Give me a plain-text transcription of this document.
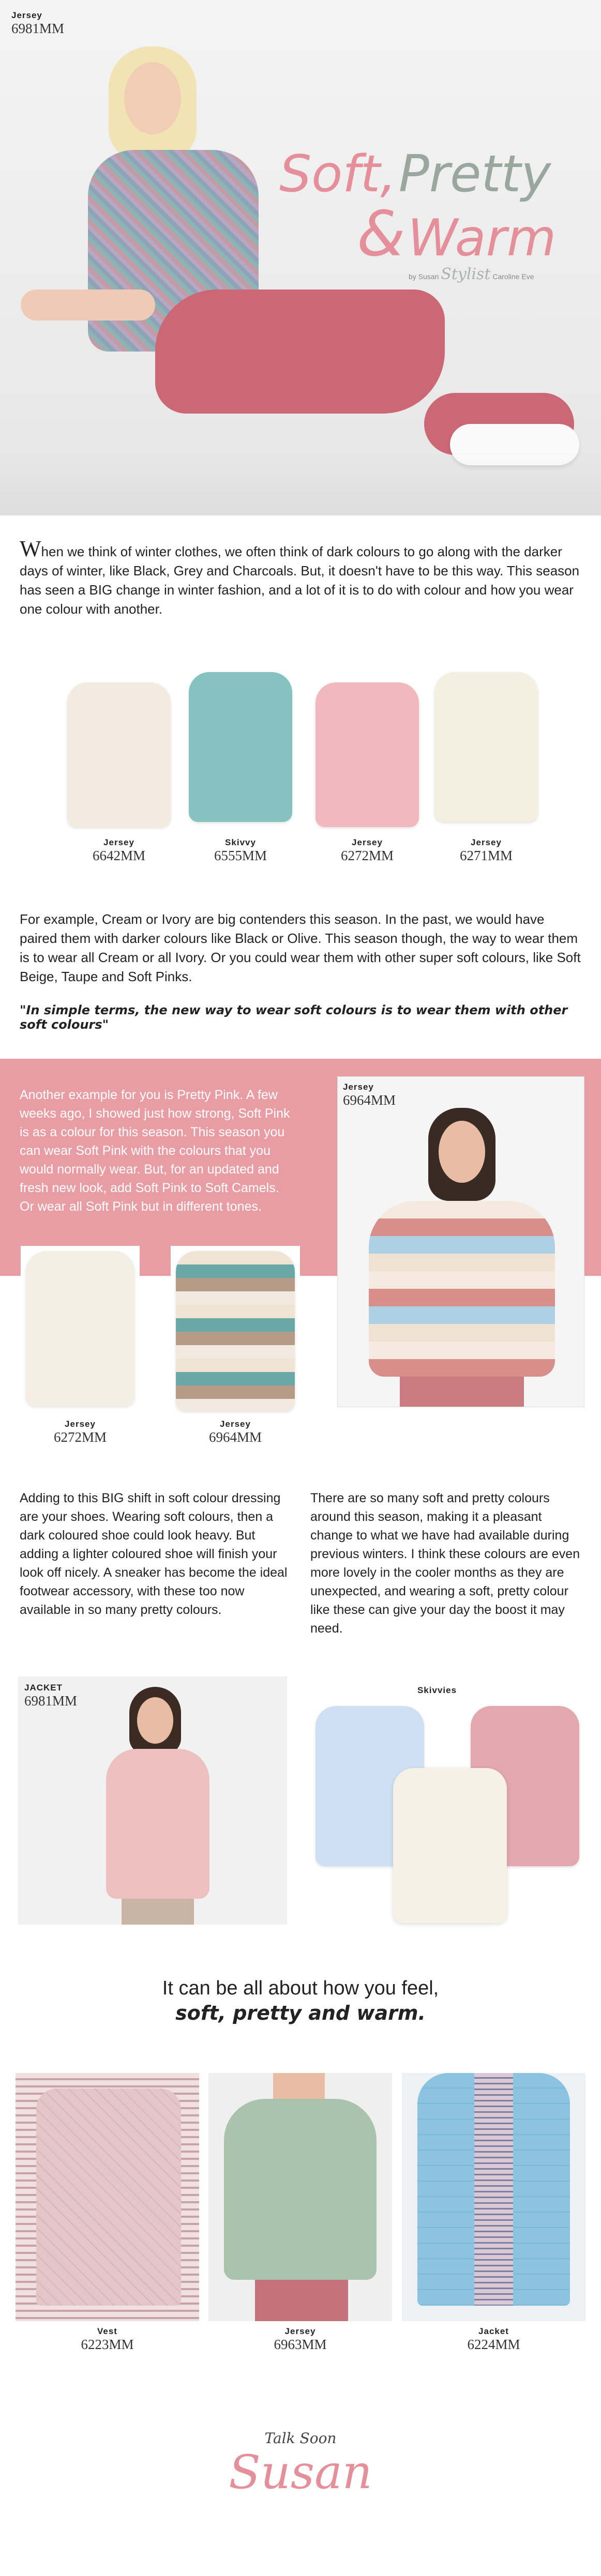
Jersey
6981MM
Soft, Pretty
& Warm
by Susan Stylist Caroline Eve
When we think of winter clothes, we often think of dark colours to go along with the darker days of winter, like Black, Grey and Charcoals. But, it doesn't have to be this way. This season has seen a BIG change in winter fashion, and a lot of it is to do with colour and how you wear one colour with another.
Jersey
6642MM
Skivvy
6555MM
Jersey
6272MM
Jersey
6271MM
For example, Cream or Ivory are big contenders this season. In the past, we would have paired them with darker colours like Black or Olive. This season though, the way to wear them is to wear all Cream or all Ivory. Or you could wear them with other super soft colours, like Soft Beige, Taupe and Soft Pinks.
"In simple terms, the new way to wear soft colours is to wear them with other soft colours"
Another example for you is Pretty Pink. A few weeks ago, I showed just how strong, Soft Pink is as a colour for this season. This season you can wear Soft Pink with the colours that you would normally wear. But, for an updated and fresh new look, add Soft Pink to Soft Camels. Or wear all Soft Pink but in different tones.
Jersey
6964MM
Jersey
6272MM
Jersey
6964MM
Adding to this BIG shift in soft colour dressing are your shoes. Wearing soft colours, then a dark coloured shoe could look heavy. But adding a lighter coloured shoe will finish your look off nicely. A sneaker has become the ideal footwear accessory, with these too now available in so many pretty colours.
There are so many soft and pretty colours around this season, making it a pleasant change to what we have had available during previous winters. I think these colours are even more lovely in the cooler months as they are unexpected, and wearing a soft, pretty colour like these can give your day the boost it may need.
JACKET
6981MM
Skivvies
It can be all about how you feel,
soft, pretty and warm.
Vest
6223MM
Jersey
6963MM
Jacket
6224MM
Talk Soon
Susan
